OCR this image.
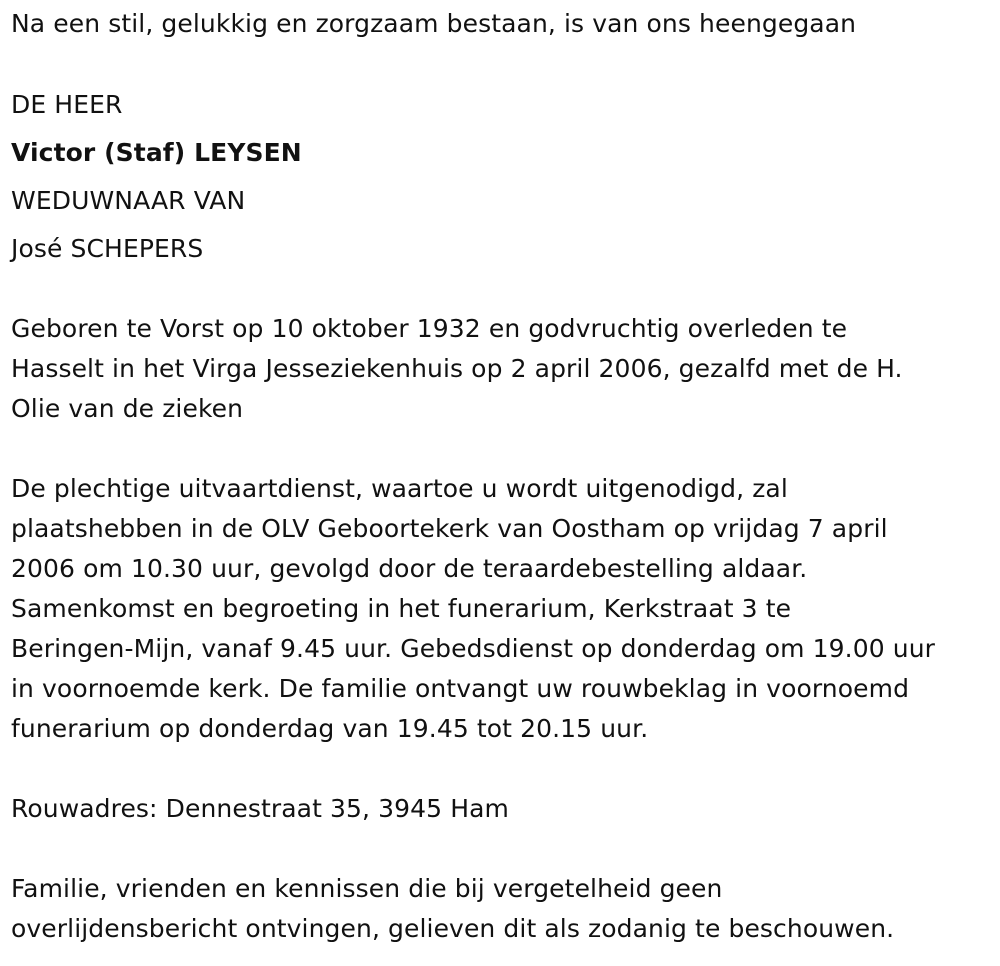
Na een stil, gelukkig en zorgzaam bestaan, is van ons heengegaan
DE HEER
Victor (Staf) LEYSEN
WEDUWNAAR VAN
José SCHEPERS
Geboren te Vorst op 10 oktober 1932 en godvruchtig overleden te
Hasselt in het Virga Jesseziekenhuis op 2 april 2006, gezalfd met de H.
Olie van de zieken
De plechtige uitvaartdienst, waartoe u wordt uitgenodigd, zal
plaatshebben in de OLV Geboortekerk van Oostham op vrijdag 7 april
2006 om 10.30 uur, gevolgd door de teraardebestelling aldaar.
Samenkomst en begroeting in het funerarium, Kerkstraat 3 te
Beringen-Mijn, vanaf 9.45 uur. Gebedsdienst op donderdag om 19.00 uur
in voornoemde kerk. De familie ontvangt uw rouwbeklag in voornoemd
funerarium op donderdag van 19.45 tot 20.15 uur.
Rouwadres: Dennestraat 35, 3945 Ham
Familie, vrienden en kennissen die bij vergetelheid geen
overlijdensbericht ontvingen, gelieven dit als zodanig te beschouwen.
